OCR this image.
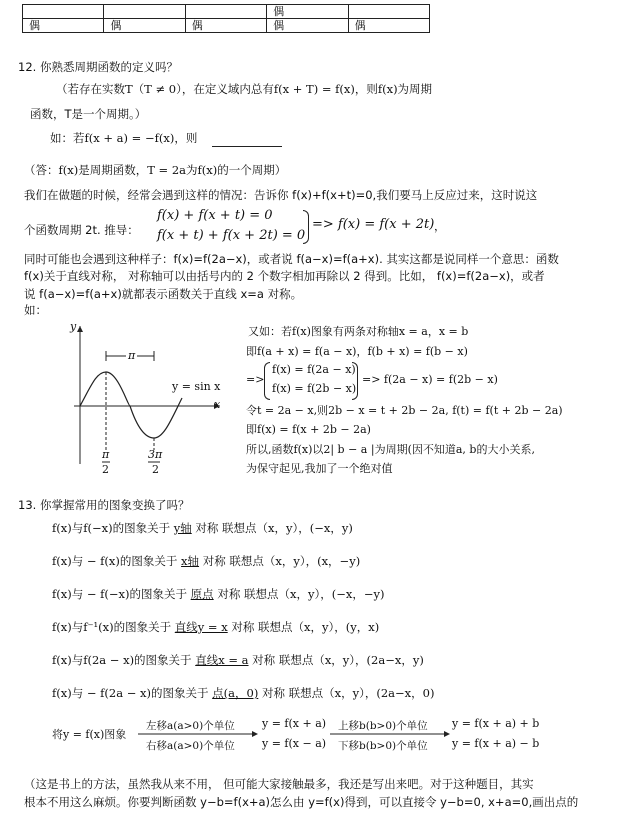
			偶	
偶	偶	偶	偶	偶
12. 你熟悉周期函数的定义吗？
（若存在实数T（T ≠ 0），在定义域内总有f(x + T) = f(x)，则f(x)为周期
函数，T是一个周期。）
如：若f(x + a) = −f(x)，则
（答：f(x)是周期函数，T = 2a为f(x)的一个周期）
我们在做题的时候，经常会遇到这样的情况：告诉你 f(x)+f(x+t)=0,我们要马上反应过来，这时说这
个函数周期 2t. 推导：
f(x) + f(x + t) = 0
f(x + t) + f(x + 2t) = 0
=> f(x) = f(x + 2t) ，
同时可能也会遇到这种样子：f(x)=f(2a−x)，或者说 f(a−x)=f(a+x). 其实这都是说同样一个意思：函数
f(x)关于直线对称， 对称轴可以由括号内的 2 个数字相加再除以 2 得到。比如， f(x)=f(2a−x)，或者
说 f(a−x)=f(a+x)就都表示函数关于直线 x=a 对称。
如：
y
x
π
y = sin x
π
2
3π
2
又如：若f(x)图象有两条对称轴x = a，x = b
即f(a + x) = f(a − x)，f(b + x) = f(b − x)
=>
f(x) = f(2a − x)
f(x) = f(2b − x)
=> f(2a − x) = f(2b − x)
令t = 2a − x,则2b − x = t + 2b − 2a, f(t) = f(t + 2b − 2a)
即f(x) = f(x + 2b − 2a)
所以,函数f(x)以2| b − a |为周期(因不知道a, b的大小关系,
为保守起见,我加了一个绝对值
13. 你掌握常用的图象变换了吗？
f(x)与f(−x)的图象关于 y轴 对称 联想点（x，y），(−x，y)
f(x)与 − f(x)的图象关于 x轴 对称 联想点（x，y），(x，−y)
f(x)与 − f(−x)的图象关于 原点 对称 联想点（x，y），(−x，−y)
f(x)与f⁻¹(x)的图象关于 直线y = x 对称 联想点（x，y），(y，x)
f(x)与f(2a − x)的图象关于 直线x = a 对称 联想点（x，y），(2a−x，y)
f(x)与 − f(2a − x)的图象关于 点(a，0) 对称 联想点（x，y），(2a−x，0)
将y = f(x)图象
左移a(a>0)个单位
右移a(a>0)个单位
y = f(x + a)
y = f(x − a)
上移b(b>0)个单位
下移b(b>0)个单位
y = f(x + a) + b
y = f(x + a) − b
（这是书上的方法，虽然我从来不用， 但可能大家接触最多，我还是写出来吧。对于这种题目，其实
根本不用这么麻烦。你要判断函数 y−b=f(x+a)怎么由 y=f(x)得到，可以直接令 y−b=0, x+a=0,画出点的
